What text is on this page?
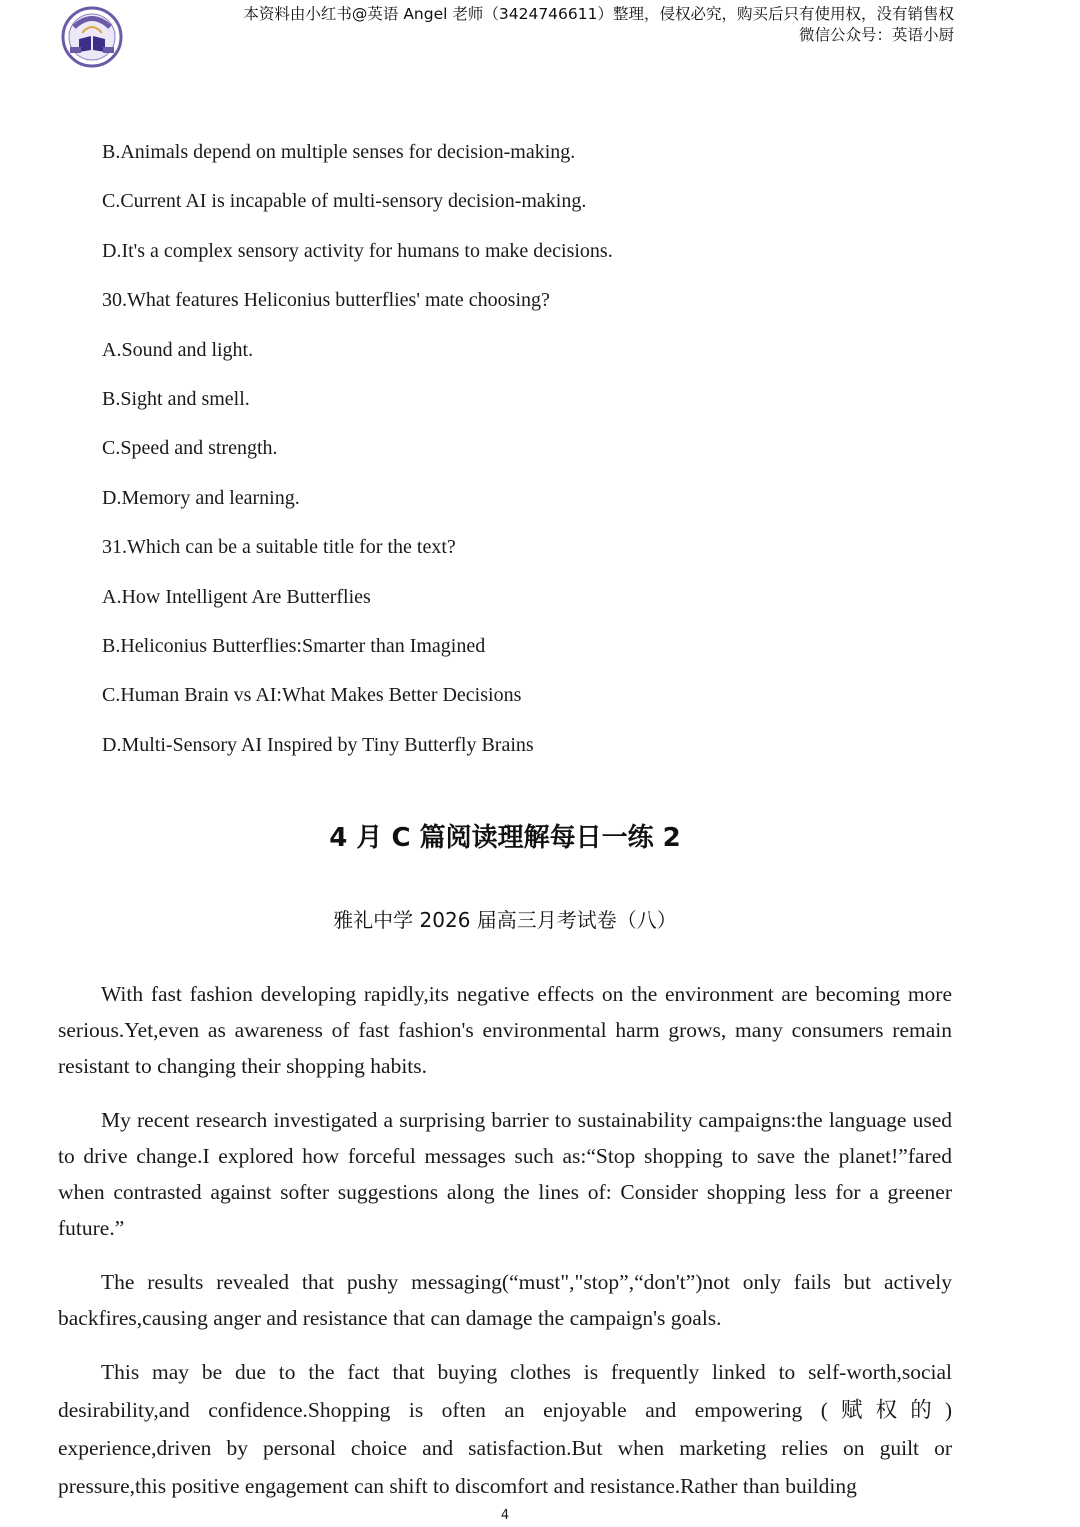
本资料由小红书@英语 Angel 老师（3424746611）整理，侵权必究，购买后只有使用权，没有销售权
微信公众号：英语小厨
B.Animals depend on multiple senses for decision-making.
C.Current AI is incapable of multi-sensory decision-making.
D.It's a complex sensory activity for humans to make decisions.
30.What features Heliconius butterflies' mate choosing?
A.Sound and light.
B.Sight and smell.
C.Speed and strength.
D.Memory and learning.
31.Which can be a suitable title for the text?
A.How Intelligent Are Butterflies
B.Heliconius Butterflies:Smarter than Imagined
C.Human Brain vs AI:What Makes Better Decisions
D.Multi-Sensory AI Inspired by Tiny Butterfly Brains
4 月 C 篇阅读理解每日一练 2
雅礼中学 2026 届高三月考试卷（八）

With fast fashion developing rapidly,its negative effects on the environment are becoming more serious.Yet,even as awareness of fast fashion's environmental harm grows, many consumers remain resistant to changing their shopping habits.

My recent research investigated a surprising barrier to sustainability campaigns:the language used to drive change.I explored how forceful messages such as:“Stop shopping to save the planet!”fared when contrasted against softer suggestions along the lines of: Consider shopping less for a greener future.”

The results revealed that pushy messaging(“must","stop”,“don't”)not only fails but actively backfires,causing anger and resistance that can damage the campaign's goals.

This may be due to the fact that buying clothes is frequently linked to self-worth,social desirability,and confidence.Shopping is often an enjoyable and empowering (赋权的) experience,driven by personal choice and satisfaction.But when marketing relies on guilt or pressure,this positive engagement can shift to discomfort and resistance.Rather than building

4
